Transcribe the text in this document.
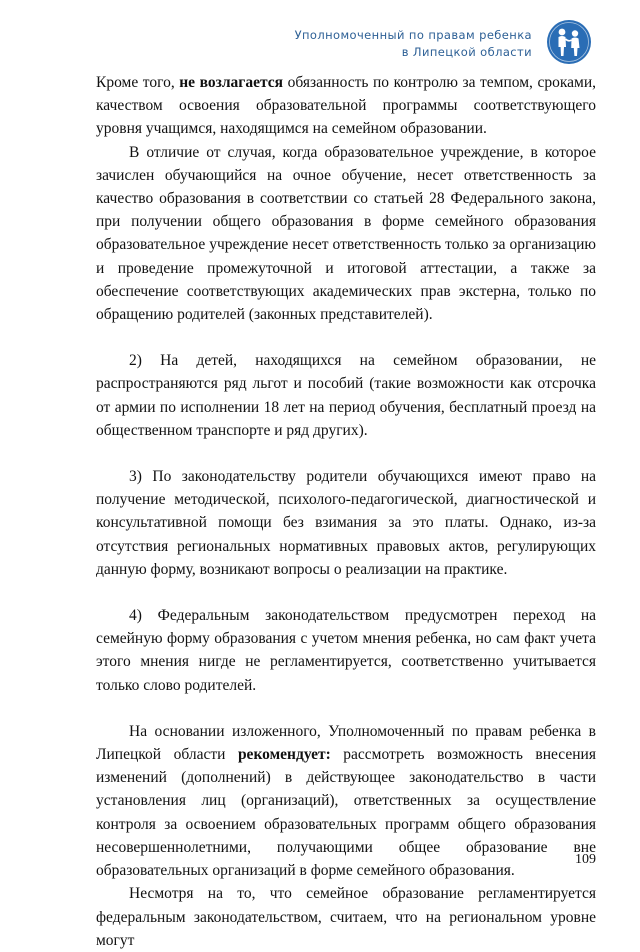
Уполномоченный по правам ребенка
в Липецкой области

Кроме того, не возлагается обязанность по контролю за темпом, сроками, качеством освоения образовательной программы соответствующего уровня учащимся, находящимся на семейном образовании.

В отличие от случая, когда образовательное учреждение, в которое зачислен обучающийся на очное обучение, несет ответственность за качество образования в соответствии со статьей 28 Федерального закона, при получении общего образования в форме семейного образования образовательное учреждение несет ответственность только за организацию и проведение промежуточной и итоговой аттестации, а также за обеспечение соответствующих академических прав экстерна, только по обращению родителей (законных представителей).

2) На детей, находящихся на семейном образовании, не распространяются ряд льгот и пособий (такие возможности как отсрочка от армии по исполнении 18 лет на период обучения, бесплатный проезд на общественном транспорте и ряд других).

3) По законодательству родители обучающихся имеют право на получение методической, психолого-педагогической, диагностической и консультативной помощи без взимания за это платы. Однако, из-за отсутствия региональных нормативных правовых актов, регулирующих данную форму, возникают вопросы о реализации на практике.

4) Федеральным законодательством предусмотрен переход на семейную форму образования с учетом мнения ребенка, но сам факт учета этого мнения нигде не регламентируется, соответственно учитывается только слово родителей.

На основании изложенного, Уполномоченный по правам ребенка в Липецкой области рекомендует: рассмотреть возможность внесения изменений (дополнений) в действующее законодательство в части установления лиц (организаций), ответственных за осуществление контроля за освоением образовательных программ общего образования несовершеннолетними, получающими общее образование вне образовательных организаций в форме семейного образования.

Несмотря на то, что семейное образование регламентируется федеральным законодательством, считаем, что на региональном уровне могут

109
